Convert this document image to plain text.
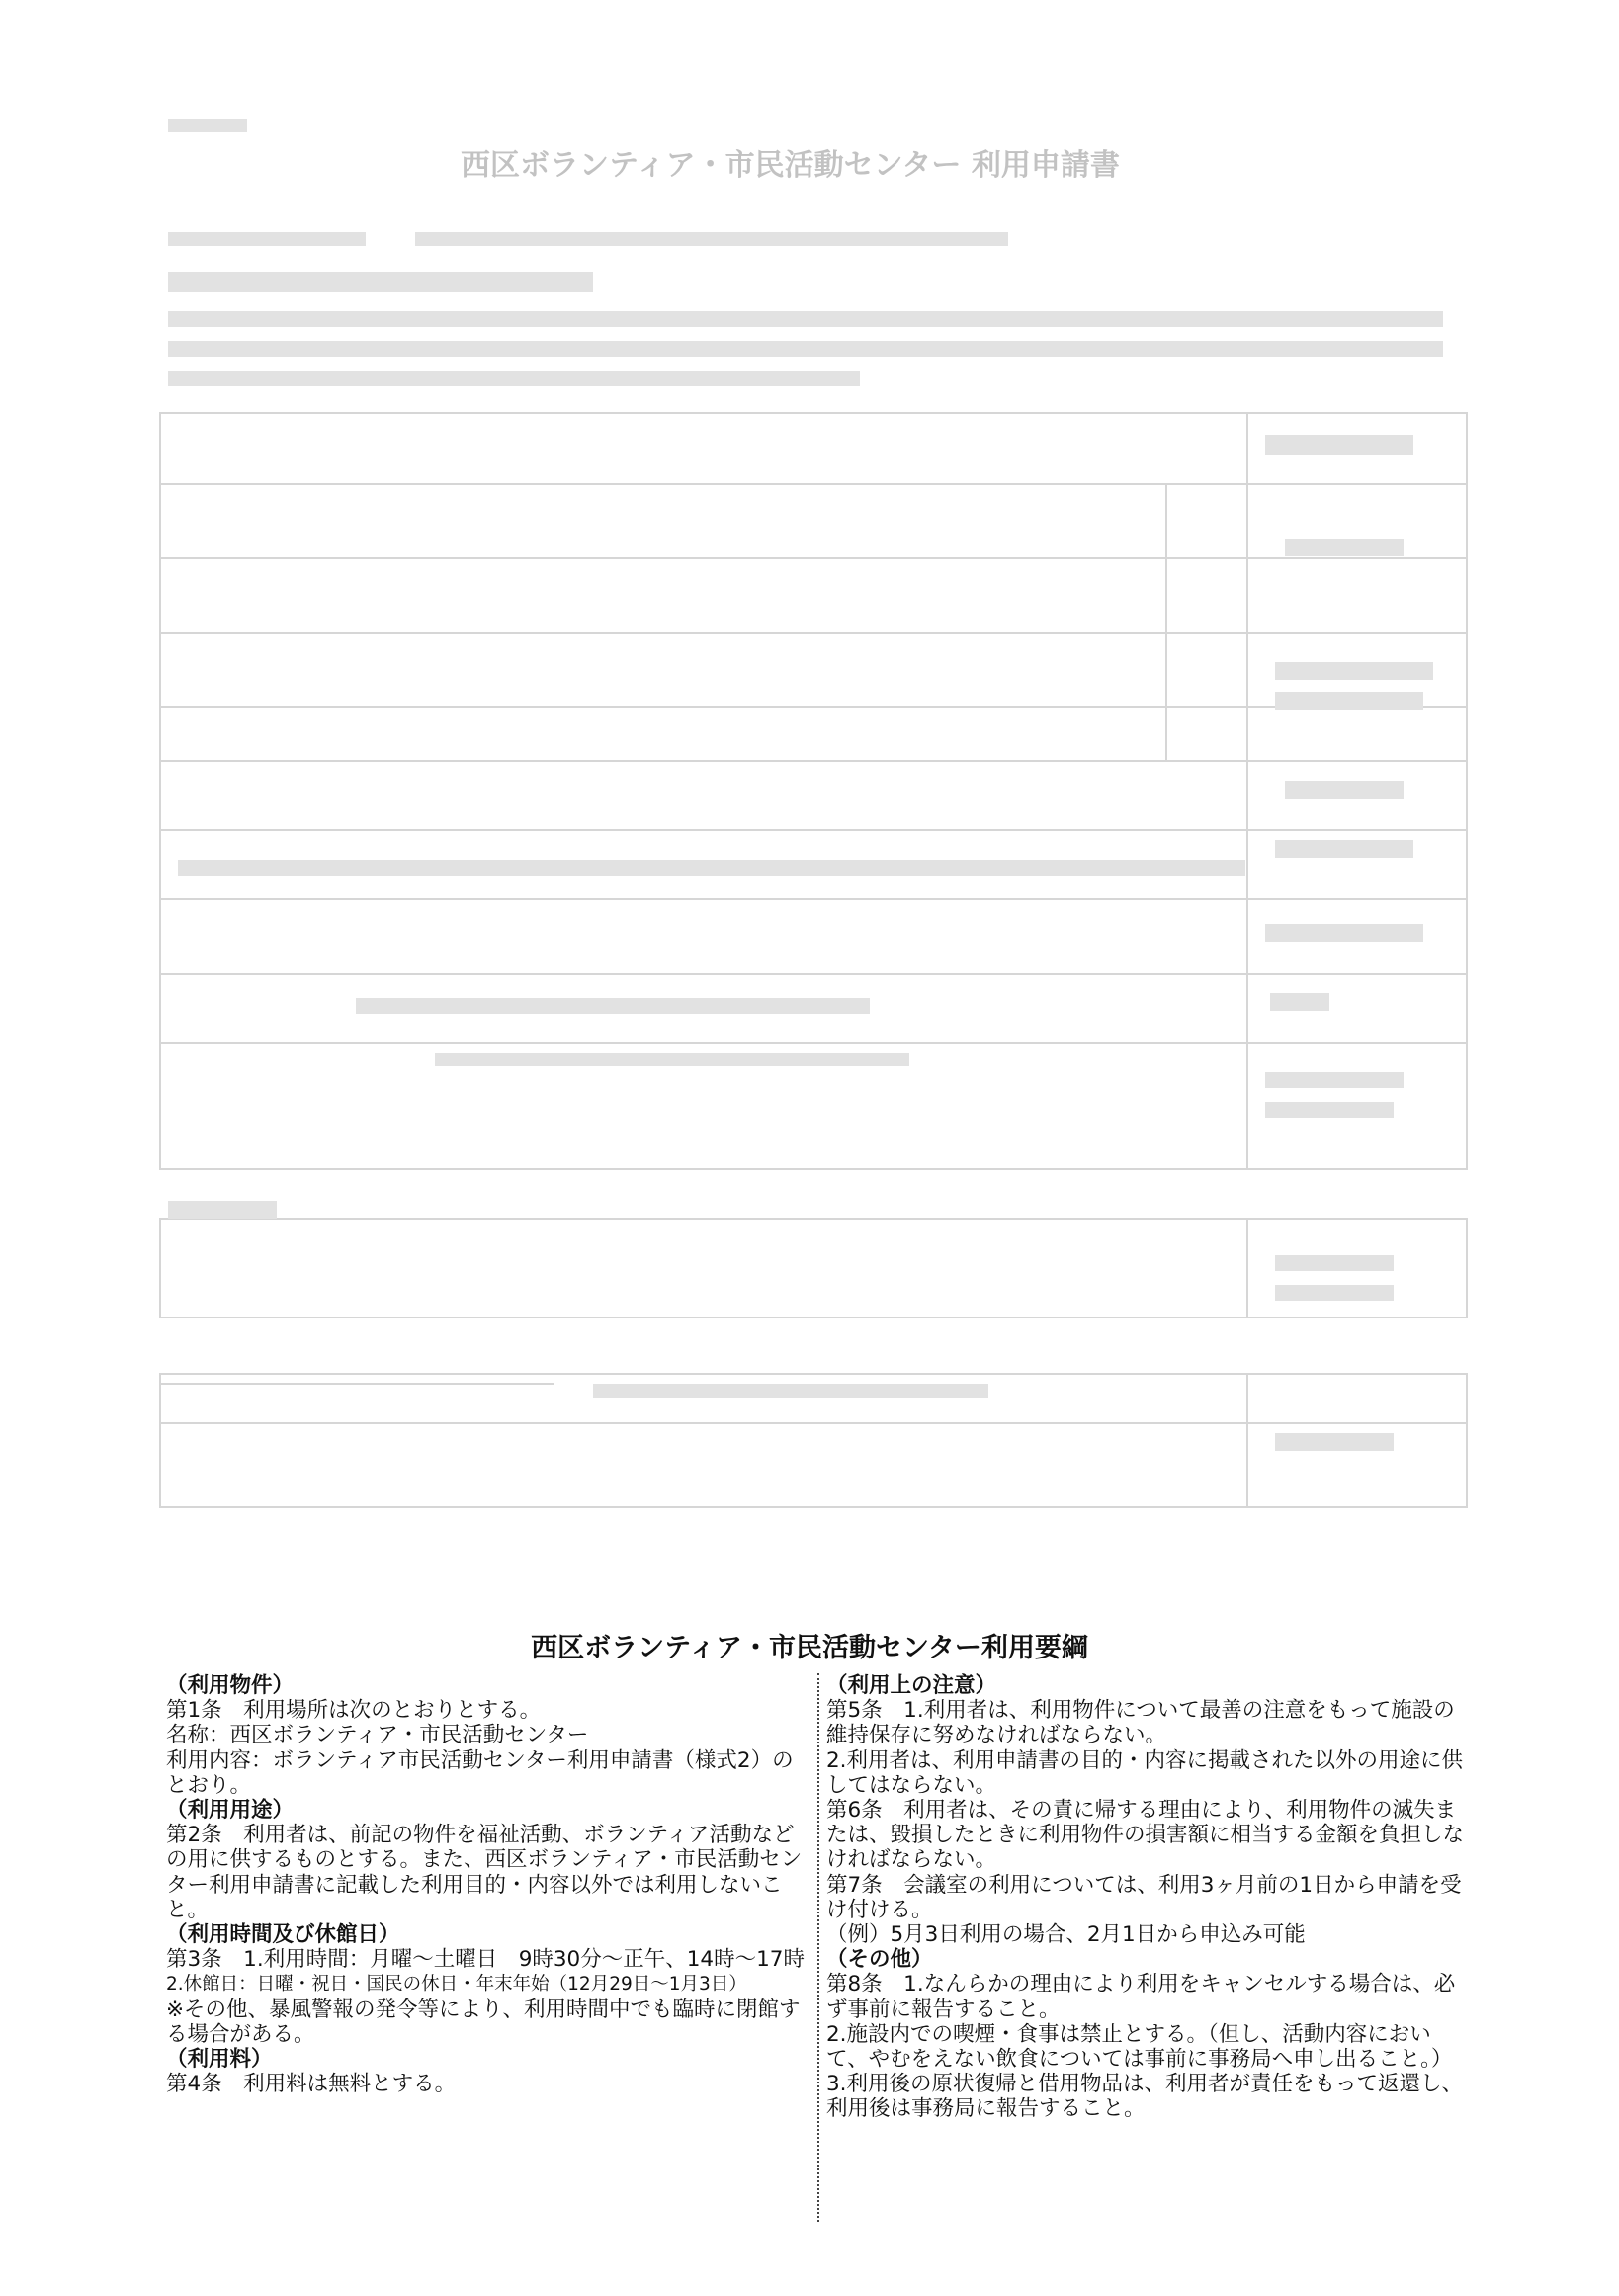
西区ボランティア・市民活動センター 利用申請書
西区ボランティア・市民活動センター利用要綱
（利用物件）
第1条　利用場所は次のとおりとする。
名称：西区ボランティア・市民活動センター
利用内容：ボランティア市民活動センター利用申請書（様式2）のとおり。
（利用用途）
第2条　利用者は、前記の物件を福祉活動、ボランティア活動などの用に供するものとする。また、西区ボランティア・市民活動センター利用申請書に記載した利用目的・内容以外では利用しないこと。
（利用時間及び休館日）
第3条　1.利用時間：月曜～土曜日　9時30分～正午、14時～17時
2.休館日：日曜・祝日・国民の休日・年末年始（12月29日～1月3日）
※その他、暴風警報の発令等により、利用時間中でも臨時に閉館する場合がある。
（利用料）
第4条　利用料は無料とする。
（利用上の注意）
第5条　1.利用者は、利用物件について最善の注意をもって施設の維持保存に努めなければならない。
2.利用者は、利用申請書の目的・内容に掲載された以外の用途に供してはならない。
第6条　利用者は、その責に帰する理由により、利用物件の滅失または、毀損したときに利用物件の損害額に相当する金額を負担しなければならない。
第7条　会議室の利用については、利用3ヶ月前の1日から申請を受け付ける。
（例）5月3日利用の場合、2月1日から申込み可能
（その他）
第8条　1.なんらかの理由により利用をキャンセルする場合は、必ず事前に報告すること。
2.施設内での喫煙・食事は禁止とする。（但し、活動内容において、やむをえない飲食については事前に事務局へ申し出ること。）
3.利用後の原状復帰と借用物品は、利用者が責任をもって返還し、利用後は事務局に報告すること。
